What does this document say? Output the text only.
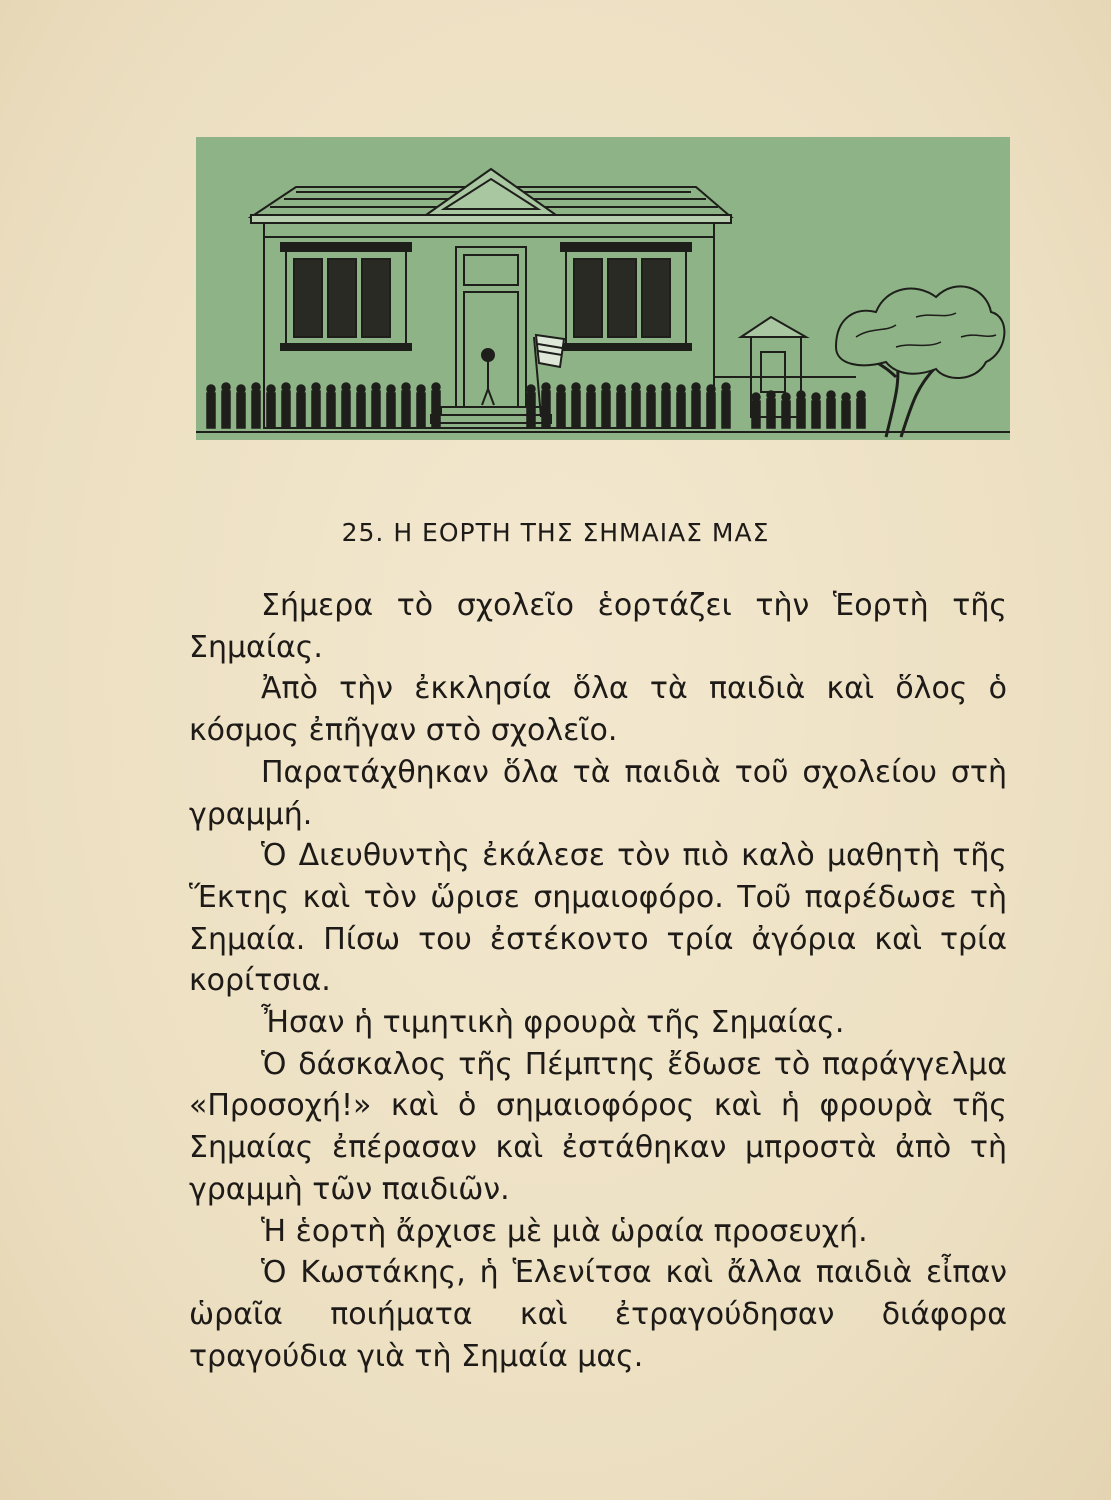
25. Η ΕΟΡΤΗ ΤΗΣ ΣΗΜΑΙΑΣ ΜΑΣ

Σήμερα τὸ σχολεῖο ἑορτάζει τὴν Ἑορτὴ τῆς Σημαίας.

Ἀπὸ τὴν ἐκκλησία ὅλα τὰ παιδιὰ καὶ ὅλος ὁ κόσμος ἐπῆγαν στὸ σχολεῖο.

Παρατάχθηκαν ὅλα τὰ παιδιὰ τοῦ σχολείου στὴ γραμμή.

Ὁ Διευθυντὴς ἐκάλεσε τὸν πιὸ καλὸ μαθητὴ τῆς Ἕκτης καὶ τὸν ὥρισε σημαιοφόρο. Τοῦ παρέδωσε τὴ Σημαία. Πίσω του ἐστέκοντο τρία ἀγόρια καὶ τρία κορίτσια.

Ἦσαν ἡ τιμητικὴ φρουρὰ τῆς Σημαίας.

Ὁ δάσκαλος τῆς Πέμπτης ἔδωσε τὸ παράγγελμα «Προσοχή!» καὶ ὁ σημαιοφόρος καὶ ἡ φρουρὰ τῆς Σημαίας ἐπέρασαν καὶ ἐστάθηκαν μπροστὰ ἀπὸ τὴ γραμμὴ τῶν παιδιῶν.

Ἡ ἑορτὴ ἄρχισε μὲ μιὰ ὡραία προσευχή.

Ὁ Κωστάκης, ἡ Ἑλενίτσα καὶ ἄλλα παιδιὰ εἶπαν ὡραῖα ποιήματα καὶ ἐτραγούδησαν διάφορα τραγούδια γιὰ τὴ Σημαία μας.
